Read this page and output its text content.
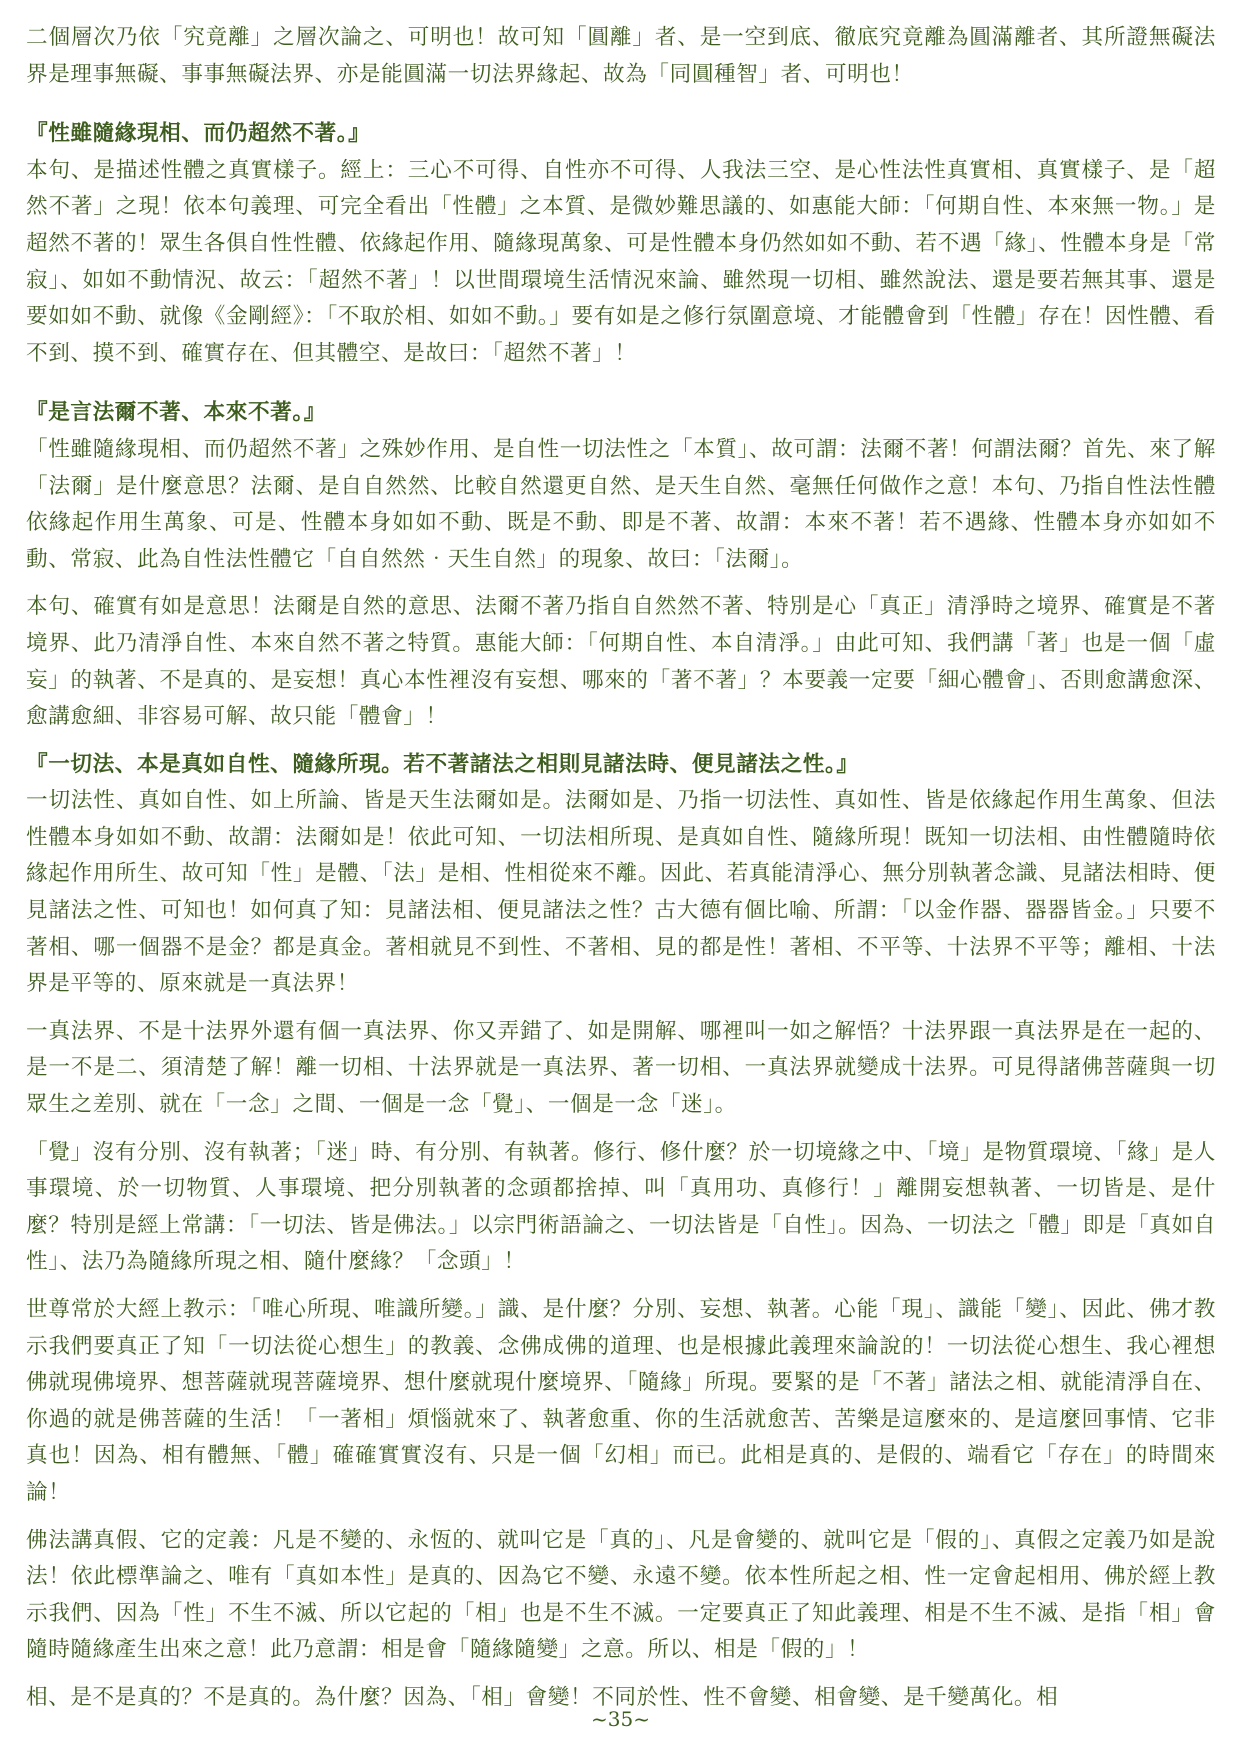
二個層次乃依「究竟離」之層次論之、可明也！故可知「圓離」者、是一空到底、徹底究竟離為圓滿離者、其所證無礙法界是理事無礙、事事無礙法界、亦是能圓滿一切法界緣起、故為「同圓種智」者、可明也！

『性雖隨緣現相、而仍超然不著。』

本句、是描述性體之真實樣子。經上：三心不可得、自性亦不可得、人我法三空、是心性法性真實相、真實樣子、是「超然不著」之現！依本句義理、可完全看出「性體」之本質、是微妙難思議的、如惠能大師：「何期自性、本來無一物。」是超然不著的！眾生各俱自性性體、依緣起作用、隨緣現萬象、可是性體本身仍然如如不動、若不遇「緣」、性體本身是「常寂」、如如不動情況、故云：「超然不著」！以世間環境生活情況來論、雖然現一切相、雖然說法、還是要若無其事、還是要如如不動、就像《金剛經》：「不取於相、如如不動。」要有如是之修行氛圍意境、才能體會到「性體」存在！因性體、看不到、摸不到、確實存在、但其體空、是故曰：「超然不著」！

『是言法爾不著、本來不著。』

「性雖隨緣現相、而仍超然不著」之殊妙作用、是自性一切法性之「本質」、故可謂：法爾不著！何謂法爾？首先、來了解「法爾」是什麼意思？法爾、是自自然然、比較自然還更自然、是天生自然、毫無任何做作之意！本句、乃指自性法性體依緣起作用生萬象、可是、性體本身如如不動、既是不動、即是不著、故謂：本來不著！若不遇緣、性體本身亦如如不動、常寂、此為自性法性體它「自自然然‧天生自然」的現象、故曰：「法爾」。

本句、確實有如是意思！法爾是自然的意思、法爾不著乃指自自然然不著、特別是心「真正」清淨時之境界、確實是不著境界、此乃清淨自性、本來自然不著之特質。惠能大師：「何期自性、本自清淨。」由此可知、我們講「著」也是一個「虛妄」的執著、不是真的、是妄想！真心本性裡沒有妄想、哪來的「著不著」？本要義一定要「細心體會」、否則愈講愈深、愈講愈細、非容易可解、故只能「體會」！

『一切法、本是真如自性、隨緣所現。若不著諸法之相則見諸法時、便見諸法之性。』

一切法性、真如自性、如上所論、皆是天生法爾如是。法爾如是、乃指一切法性、真如性、皆是依緣起作用生萬象、但法性體本身如如不動、故謂：法爾如是！依此可知、一切法相所現、是真如自性、隨緣所現！既知一切法相、由性體隨時依緣起作用所生、故可知「性」是體、「法」是相、性相從來不離。因此、若真能清淨心、無分別執著念識、見諸法相時、便見諸法之性、可知也！如何真了知：見諸法相、便見諸法之性？古大德有個比喻、所謂：「以金作器、器器皆金。」只要不著相、哪一個器不是金？都是真金。著相就見不到性、不著相、見的都是性！著相、不平等、十法界不平等；離相、十法界是平等的、原來就是一真法界！

一真法界、不是十法界外還有個一真法界、你又弄錯了、如是開解、哪裡叫一如之解悟？十法界跟一真法界是在一起的、是一不是二、須清楚了解！離一切相、十法界就是一真法界、著一切相、一真法界就變成十法界。可見得諸佛菩薩與一切眾生之差別、就在「一念」之間、一個是一念「覺」、一個是一念「迷」。

「覺」沒有分別、沒有執著；「迷」時、有分別、有執著。修行、修什麼？於一切境緣之中、「境」是物質環境、「緣」是人事環境、於一切物質、人事環境、把分別執著的念頭都捨掉、叫「真用功、真修行！」離開妄想執著、一切皆是、是什麼？特別是經上常講：「一切法、皆是佛法。」以宗門術語論之、一切法皆是「自性」。因為、一切法之「體」即是「真如自性」、法乃為隨緣所現之相、隨什麼緣？「念頭」！

世尊常於大經上教示：「唯心所現、唯識所變。」識、是什麼？分別、妄想、執著。心能「現」、識能「變」、因此、佛才教示我們要真正了知「一切法從心想生」的教義、念佛成佛的道理、也是根據此義理來論說的！一切法從心想生、我心裡想佛就現佛境界、想菩薩就現菩薩境界、想什麼就現什麼境界、「隨緣」所現。要緊的是「不著」諸法之相、就能清淨自在、你過的就是佛菩薩的生活！「一著相」煩惱就來了、執著愈重、你的生活就愈苦、苦樂是這麼來的、是這麼回事情、它非真也！因為、相有體無、「體」確確實實沒有、只是一個「幻相」而已。此相是真的、是假的、端看它「存在」的時間來論！

佛法講真假、它的定義：凡是不變的、永恆的、就叫它是「真的」、凡是會變的、就叫它是「假的」、真假之定義乃如是說法！依此標準論之、唯有「真如本性」是真的、因為它不變、永遠不變。依本性所起之相、性一定會起相用、佛於經上教示我們、因為「性」不生不滅、所以它起的「相」也是不生不滅。一定要真正了知此義理、相是不生不滅、是指「相」會隨時隨緣產生出來之意！此乃意謂：相是會「隨緣隨變」之意。所以、相是「假的」！

相、是不是真的？不是真的。為什麼？因為、「相」會變！不同於性、性不會變、相會變、是千變萬化。相

~35~
